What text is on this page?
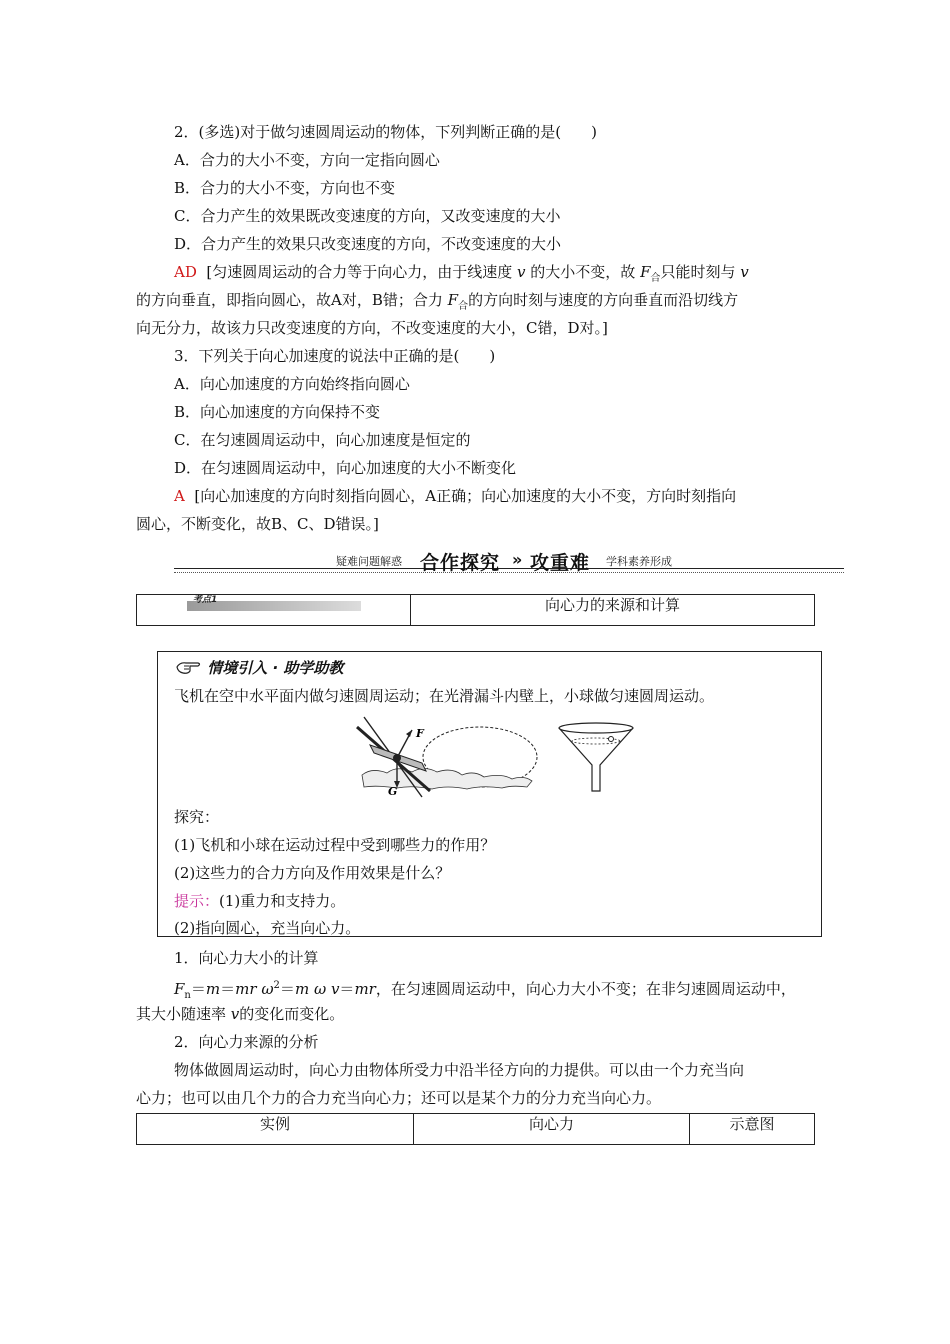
2．(多选)对于做匀速圆周运动的物体，下列判断正确的是(　　)
A．合力的大小不变，方向一定指向圆心
B．合力的大小不变，方向也不变
C．合力产生的效果既改变速度的方向，又改变速度的大小
D．合力产生的效果只改变速度的方向，不改变速度的大小
AD [匀速圆周运动的合力等于向心力，由于线速度 v 的大小不变，故 $F_合$只能时刻与 v
的方向垂直，即指向圆心，故A对，B错；合力 $F_合$的方向时刻与速度的方向垂直而沿切线方
向无分力，故该力只改变速度的方向，不改变速度的大小，C错，D对。]
3．下列关于向心加速度的说法中正确的是(　　)
A．向心加速度的方向始终指向圆心
B．向心加速度的方向保持不变
C．在匀速圆周运动中，向心加速度是恒定的
D．在匀速圆周运动中，向心加速度的大小不断变化
A [向心加速度的方向时刻指向圆心，A正确；向心加速度的大小不变，方向时刻指向
圆心，不断变化，故B、C、D错误。]
疑难问题解惑 合作探究 » 攻重难 学科素养形成
考点1	向心力的来源和计算
情境引入 · 助学助教
飞机在空中水平面内做匀速圆周运动；在光滑漏斗内壁上，小球做匀速圆周运动。
F
G
探究：
(1)飞机和小球在运动过程中受到哪些力的作用？
(2)这些力的合力方向及作用效果是什么？
提示：(1)重力和支持力。
(2)指向圆心，充当向心力。
1．向心力大小的计算
$F_n=m=mr$ $\omega^2=m$ ω v＝mr，在匀速圆周运动中，向心力大小不变；在非匀速圆周运动中，
其大小随速率 v的变化而变化。
2．向心力来源的分析
物体做圆周运动时，向心力由物体所受力中沿半径方向的力提供。可以由一个力充当向
心力；也可以由几个力的合力充当向心力；还可以是某个力的分力充当向心力。
实例	向心力	示意图
